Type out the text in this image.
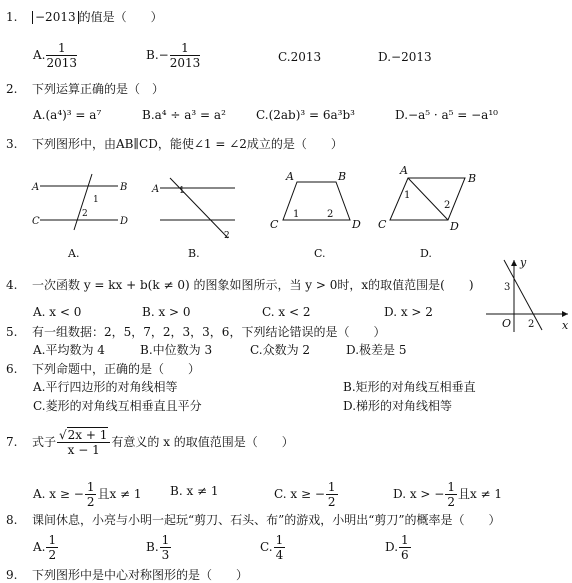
1. −2013 的值是（　　）
A. $\frac{1}{2013}$	$B.- \frac{1}{2013}$	C.2013	D.−2013
2. 下列运算正确的是（　）
A.(a⁴)³ = a⁷	B.a⁴ ÷ a³ = a²	C.(2ab)³ = 6a³b³	D.−a⁵ · a⁵ = −a¹⁰
3. 下列图形中，由AB∥CD，能使∠1 = ∠2成立的是（　　）
A	B
C	D
1
2
A.
A 1
2
B.
A	B
C	D
1	2
C.
A
B
C	D
1
2
D.
y
x
O
3
2
4. 一次函数 y = kx + b(k ≠ 0) 的图象如图所示，当 y > 0时，x的取值范围是(　　)
A. x < 0	B. x > 0	C. x < 2	D. x > 2
5. 有一组数据：2，5，7，2，3，3，6，下列结论错误的是（　　）
A.平均数为 4	B.中位数为 3	C.众数为 2	D.极差是 5
6. 下列命题中，正确的是（　　）
A.平行四边形的对角线相等	B.矩形的对角线互相垂直
C.菱形的对角线互相垂直且平分	D.梯形的对角线相等
7. 式子 $\frac{√2x + 1}{x - 1}$ 有意义的 x 的取值范围是（　　）
A. x ≥ − $\frac{1}{2}$ 且x ≠ 1 B. x ≠ 1	C. x ≥ − $\frac{1}{2}$	D. x > − $\frac{1}{2}$ 且x ≠ 1
8. 课间休息，小亮与小明一起玩“剪刀、石头、布”的游戏，小明出“剪刀”的概率是（　　）
A. $\frac{1}{2}$	B. $\frac{1}{3}$	C. $\frac{1}{4}$	D. $\frac{1}{6}$
9. 下列图形中是中心对称图形的是（　　）
